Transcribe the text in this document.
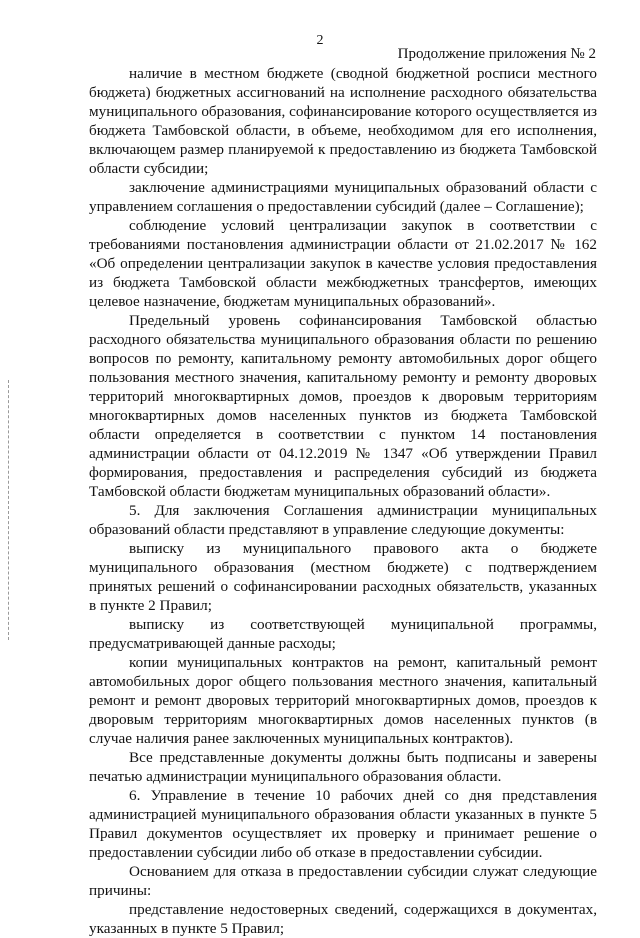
2
Продолжение приложения № 2

наличие в местном бюджете (сводной бюджетной росписи местного бюджета) бюджетных ассигнований на исполнение расходного обязательства муниципального образования, софинансирование которого осуществляется из бюджета Тамбовской области, в объеме, необходимом для его исполнения, включающем размер планируемой к предоставлению из бюджета Тамбовской области субсидии;

заключение администрациями муниципальных образований области с управлением соглашения о предоставлении субсидий (далее – Соглашение);

соблюдение условий централизации закупок в соответствии с требованиями постановления администрации области от 21.02.2017 № 162 «Об определении централизации закупок в качестве условия предоставления из бюджета Тамбовской области межбюджетных трансфертов, имеющих целевое назначение, бюджетам муниципальных образований».

Предельный уровень софинансирования Тамбовской областью расходного обязательства муниципального образования области по решению вопросов по ремонту, капитальному ремонту автомобильных дорог общего пользования местного значения, капитальному ремонту и ремонту дворовых территорий многоквартирных домов, проездов к дворовым территориям многоквартирных домов населенных пунктов из бюджета Тамбовской области определяется в соответствии с пунктом 14 постановления администрации области от 04.12.2019 № 1347 «Об утверждении Правил формирования, предоставления и распределения субсидий из бюджета Тамбовской области бюджетам муниципальных образований области».

5. Для заключения Соглашения администрации муниципальных образований области представляют в управление следующие документы:

выписку из муниципального правового акта о бюджете муниципального образования (местном бюджете) с подтверждением принятых решений о софинансировании расходных обязательств, указанных в пункте 2 Правил;

выписку из соответствующей муниципальной программы, предусматривающей данные расходы;

копии муниципальных контрактов на ремонт, капитальный ремонт автомобильных дорог общего пользования местного значения, капитальный ремонт и ремонт дворовых территорий многоквартирных домов, проездов к дворовым территориям многоквартирных домов населенных пунктов (в случае наличия ранее заключенных муниципальных контрактов).

Все представленные документы должны быть подписаны и заверены печатью администрации муниципального образования области.

6. Управление в течение 10 рабочих дней со дня представления администрацией муниципального образования области указанных в пункте 5 Правил документов осуществляет их проверку и принимает решение о предоставлении субсидии либо об отказе в предоставлении субсидии.

Основанием для отказа в предоставлении субсидии служат следующие причины:

представление недостоверных сведений, содержащихся в документах, указанных в пункте 5 Правил;
